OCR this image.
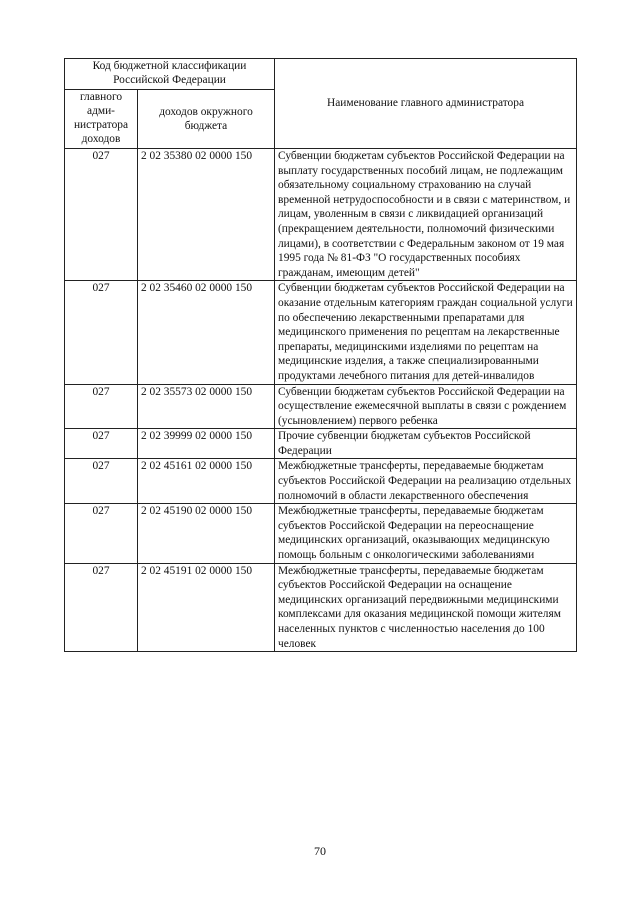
Код бюджетной классификации Российской Федерации		Наименование главного администратора
главного адми-нистратора доходов	доходов окружного бюджета	
027	2 02 35380 02 0000 150	Субвенции бюджетам субъектов Российской Федерации на выплату государственных пособий лицам, не подлежащим обязательному социальному страхованию на случай временной нетрудоспособности и в связи с материнством, и лицам, уволенным в связи с ликвидацией организаций (прекращением деятельности, полномочий физическими лицами), в соответствии с Федеральным законом от 19 мая 1995 года № 81-ФЗ "О государственных пособиях гражданам, имеющим детей"
027	2 02 35460 02 0000 150	Субвенции бюджетам субъектов Российской Федерации на оказание отдельным категориям граждан социальной услуги по обеспечению лекарственными препаратами для медицинского применения по рецептам на лекарственные препараты, медицинскими изделиями по рецептам на медицинские изделия, а также специализированными продуктами лечебного питания для детей-инвалидов
027	2 02 35573 02 0000 150	Субвенции бюджетам субъектов Российской Федерации на осуществление ежемесячной выплаты в связи с рождением (усыновлением) первого ребенка
027	2 02 39999 02 0000 150	Прочие субвенции бюджетам субъектов Российской Федерации
027	2 02 45161 02 0000 150	Межбюджетные трансферты, передаваемые бюджетам субъектов Российской Федерации на реализацию отдельных полномочий в области лекарственного обеспечения
027	2 02 45190 02 0000 150	Межбюджетные трансферты, передаваемые бюджетам субъектов Российской Федерации на переоснащение медицинских организаций, оказывающих медицинскую помощь больным с онкологическими заболеваниями
027	2 02 45191 02 0000 150	Межбюджетные трансферты, передаваемые бюджетам субъектов Российской Федерации на оснащение медицинских организаций передвижными медицинскими комплексами для оказания медицинской помощи жителям населенных пунктов с численностью населения до 100 человек
70
